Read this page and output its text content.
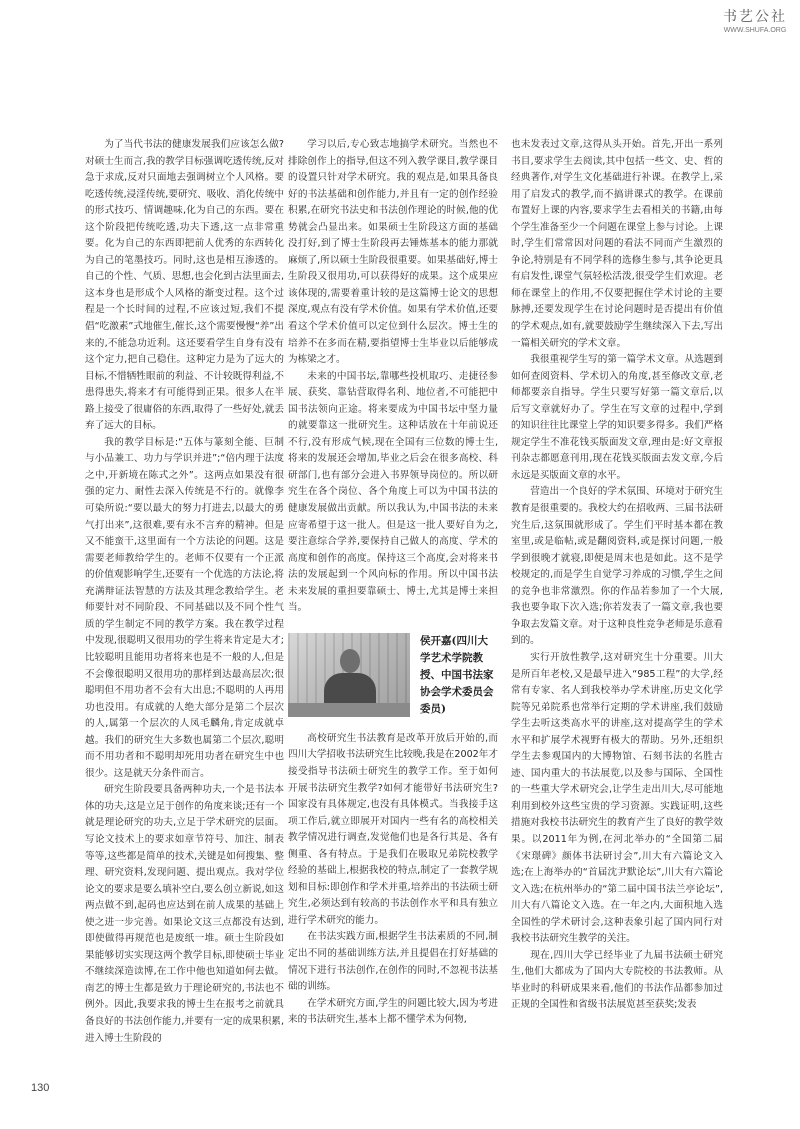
书艺公社
WWW.SHUFA.ORG

为了当代书法的健康发展我们应该怎么做?对硕士生而言,我的教学目标强调吃透传统,反对急于求成,反对只面地去强调树立个人风格。要吃透传统,浸淫传统,要研究、吸收、消化传统中的形式技巧、情调趣味,化为自己的东西。要在这个阶段把传统吃透,功夫下透,这一点非常重要。化为自己的东西即把前人优秀的东西转化为自己的笔墨技巧。同时,这也是相互渗透的。自己的个性、气质、思想,也会化到古法里面去,这本身也是形成个人风格的渐变过程。这个过程是一个长时间的过程,不应该过短,我们不提倡“吃激素”式地催生,催长,这个需要慢慢“养”出来的,不能急功近利。这还要看学生自身有没有这个定力,把自己稳住。这种定力是为了远大的目标,不惜牺牲眼前的利益、不计较既得利益,不患得患失,将来才有可能得到正果。很多人在半路上接受了很庸俗的东西,取得了一些好处,就丢弃了远大的目标。

我的教学目标是:“五体与篆刻全能、巨制与小品兼工、功力与学识并进”;“倍内理于法度之中,开新境在陈式之外”。这两点如果没有很强的定力、耐性去深入传统是不行的。就像李可染所说:“要以最大的努力打进去,以最大的勇气打出来”,这很难,要有永不言弃的精神。但是又不能蛮干,这里面有一个方法论的问题。这是需要老师教给学生的。老师不仅要有一个正派的价值观影响学生,还要有一个优选的方法论,将充满辩证法智慧的方法及其理念教给学生。老师要针对不同阶段、不同基础以及不同个性气质的学生制定不同的教学方案。我在教学过程中发现,很聪明又很用功的学生将来肯定是大才;比较聪明且能用功者将来也是不一般的人,但是不会像很聪明又很用功的那样到达最高层次;很聪明但不用功者不会有大出息;不聪明的人再用功也没用。有成就的人绝大部分是第二个层次的人,属第一个层次的人凤毛麟角,肯定成就卓越。我们的研究生大多数也属第二个层次,聪明而不用功者和不聪明却死用功者在研究生中也很少。这是就天分条件而言。

研究生阶段要具备两种功夫,一个是书法本体的功夫,这是立足于创作的角度来谈;还有一个就是理论研究的功夫,立足于学术研究的层面。写论文技术上的要求如章节符号、加注、制表等等,这些都是简单的技术,关键是如何搜集、整理、研究资料,发现问题、提出观点。我对学位论文的要求是要么填补空白,要么创立新说,如这两点做不到,起码也应达到在前人成果的基础上使之进一步完善。如果论文这三点都没有达到,即使做得再规范也是废纸一堆。硕士生阶段如果能够切实实现这两个教学目标,即使硕士毕业不继续深造读博,在工作中他也知道如何去做。南艺的博士生都是致力于理论研究的,书法也不例外。因此,我要求我的博士生在报考之前就具备良好的书法创作能力,并要有一定的成果积累,进入博士生阶段的

学习以后,专心致志地搞学术研究。当然也不排除创作上的指导,但这不列入教学课目,教学课目的设置只针对学术研究。我的观点是,如果具备良好的书法基础和创作能力,并且有一定的创作经验积累,在研究书法史和书法创作理论的时候,他的优势就会凸显出来。如果硕士生阶段这方面的基础没打好,到了博士生阶段再去锤炼基本的能力那就麻烦了,所以硕士生阶段很重要。如果基础好,博士生阶段又很用功,可以获得好的成果。这个成果应该体现的,需要着重计较的是这篇博士论文的思想深度,观点有没有学术价值。如果有学术价值,还要看这个学术价值可以定位到什么层次。博士生的培养不在多而在精,要指望博士生毕业以后能够成为栋梁之才。

未来的中国书坛,靠哪些投机取巧、走捷径参展、获奖、靠钻营取得名利、地位者,不可能把中国书法领向正途。将来要成为中国书坛中坚力量的就要靠这一批研究生。这种话放在十年前说还不行,没有形成气候,现在全国有三位数的博士生,将来的发展还会增加,毕业之后会在很多高校、科研部门,也有部分会进入书界领导岗位的。所以研究生在各个岗位、各个角度上可以为中国书法的健康发展做出贡献。所以我认为,中国书法的未来应寄希望于这一批人。但是这一批人要好自为之,要注意综合学养,要保持自己做人的高度、学术的高度和创作的高度。保持这三个高度,会对将来书法的发展起到一个风向标的作用。所以中国书法未来发展的重担要靠硕士、博士,尤其是博士来担当。

侯开嘉(四川大学艺术学院教授、中国书法家协会学术委员会委员)

高校研究生书法教育是改革开放后开始的,而四川大学招收书法研究生比较晚,我是在2002年才接受指导书法硕士研究生的教学工作。至于如何开展书法研究生教学?如何才能带好书法研究生?国家没有具体规定,也没有具体模式。当我接手这项工作后,就立即展开对国内一些有名的高校相关教学情况进行调查,发觉他们也是各行其是、各有侧重、各有特点。于是我们在吸取兄弟院校教学经验的基础上,根据我校的特点,制定了一套教学规划和目标:即创作和学术并重,培养出的书法硕士研究生,必须达到有较高的书法创作水平和具有独立进行学术研究的能力。

在书法实践方面,根据学生书法素质的不同,制定出不同的基础训练方法,并且提倡在打好基础的情况下进行书法创作,在创作的同时,不忽视书法基础的训练。

在学术研究方面,学生的问题比较大,因为考进来的书法研究生,基本上都不懂学术为何物,

也未发表过文章,这得从头开始。首先,开出一系列书目,要求学生去阅读,其中包括一些文、史、哲的经典著作,对学生文化基础进行补课。在教学上,采用了启发式的教学,而不搞讲课式的教学。在课前布置好上课的内容,要求学生去看相关的书籍,由每个学生准备至少一个问题在课堂上参与讨论。上课时,学生们常常因对问题的看法不同而产生激烈的争论,特别是有不同学科的选修生参与,其争论更具有启发性,课堂气氛轻松活泼,很受学生们欢迎。老师在课堂上的作用,不仅要把握住学术讨论的主要脉搏,还要发现学生在讨论问题时是否提出有价值的学术观点,如有,就要鼓励学生继续深入下去,写出一篇相关研究的学术文章。

我很重视学生写的第一篇学术文章。从选题到如何查阅资料、学术切入的角度,甚至修改文章,老师都要亲自指导。学生只要写好第一篇文章后,以后写文章就好办了。学生在写文章的过程中,学到的知识往往比课堂上学的知识要多得多。我们严格规定学生不准花钱买版面发文章,理由是:好文章报刊杂志都愿意刊用,现在花钱买版面去发文章,今后永远是买版面文章的水平。

营造出一个良好的学术氛围、环境对于研究生教育是很重要的。我校大约在招收两、三届书法研究生后,这氛围就形成了。学生们平时基本都在教室里,或是临帖,或是翻阅资料,或是探讨问题,一般学到很晚才就寝,即便是周末也是如此。这不是学校规定的,而是学生自觉学习养成的习惯,学生之间的竞争也非常激烈。你的作品若参加了一个大展,我也要争取下次入选;你若发表了一篇文章,我也要争取去发篇文章。对于这种良性竞争老师是乐意看到的。

实行开放性教学,这对研究生十分重要。川大是所百年老校,又是最早进入“985工程”的大学,经常有专家、名人到我校举办学术讲座,历史文化学院等兄弟院系也常举行定期的学术讲座,我们鼓励学生去听这类高水平的讲座,这对提高学生的学术水平和扩展学术视野有极大的帮助。另外,还组织学生去参观国内的大博物馆、石刻书法的名胜古迹、国内重大的书法展览,以及参与国际、全国性的一些重大学术研究会,让学生走出川大,尽可能地利用到校外这些宝贵的学习资源。实践证明,这些措施对我校书法研究生的教育产生了良好的教学效果。以2011年为例,在河北举办的“全国第二届《宋璟碑》颜体书法研讨会”,川大有六篇论文入选;在上海举办的“首届沈尹默论坛”,川大有六篇论文入选;在杭州举办的“第二届中国书法兰亭论坛”,川大有八篇论文入选。在一年之内,大面积地入选全国性的学术研讨会,这种表象引起了国内同行对我校书法研究生教学的关注。

现在,四川大学已经毕业了九届书法硕士研究生,他们大都成为了国内大专院校的书法教师。从毕业时的科研成果来看,他们的书法作品都参加过正规的全国性和省级书法展览甚至获奖;发表

130
